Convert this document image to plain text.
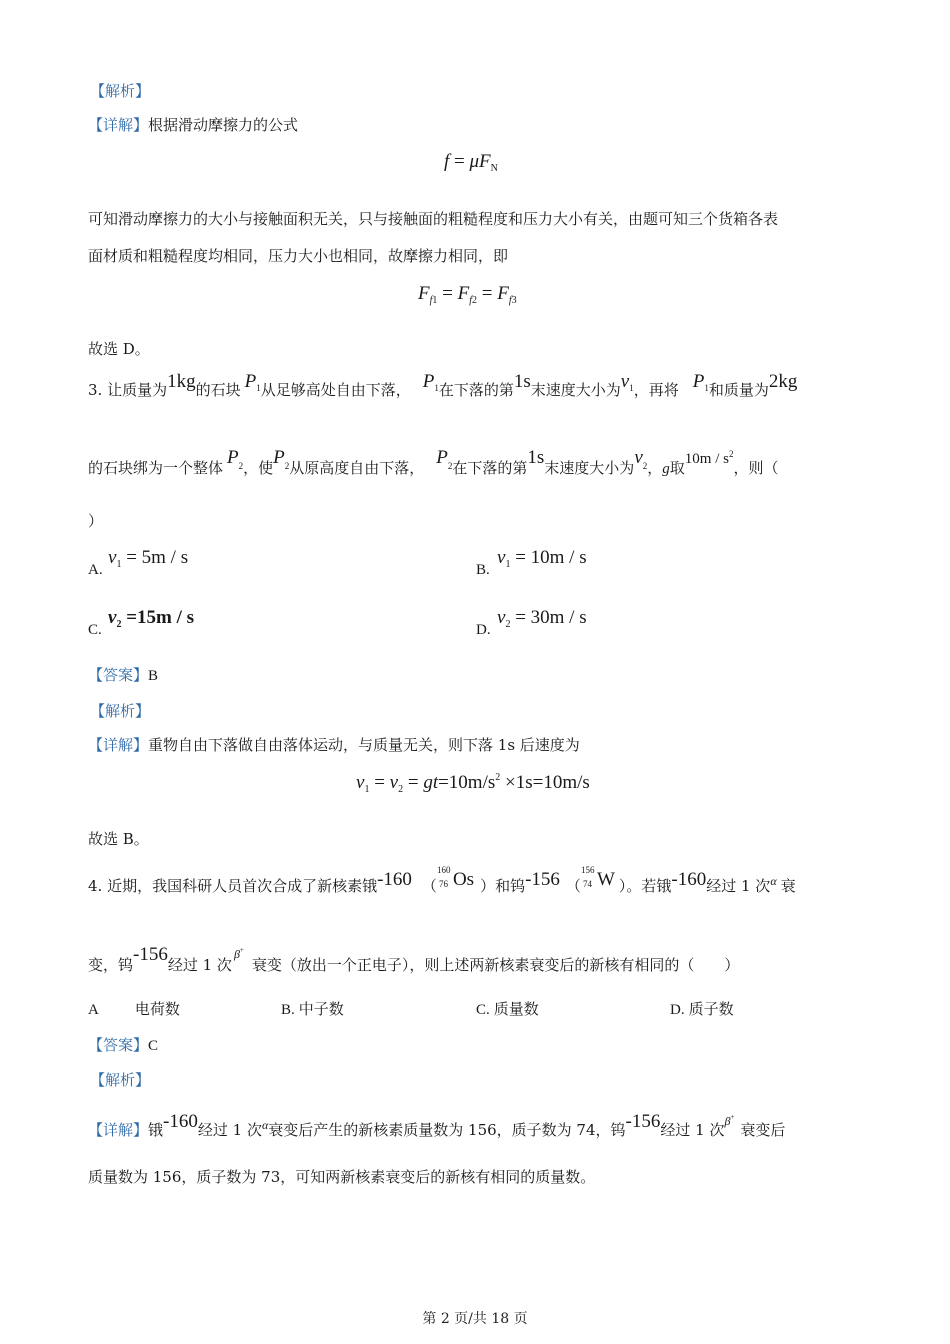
【解析】
【详解】根据滑动摩擦力的公式
$f = \mu F_N$
可知滑动摩擦力的大小与接触面积无关，只与接触面的粗糙程度和压力大小有关，由题可知三个货箱各表
面材质和粗糙程度均相同，压力大小也相同，故摩擦力相同，即
$F_{f1} = F_{f2} = F_{f3}$
故选 D。
3. 让质量为1kg的石块 $P^1$从足够高处自由下落， $P^1$在下落的第1s末速度大小为$v^1$，再将 $P^1$和质量为2kg
的石块绑为一个整体 $P^2$，使$P^2$从原高度自由下落， $P^2$在下落的第1s末速度大小为$v^2$，g取$10m / s^2$，则（
）
A.
$v_1 = 5m / s$
B.
$v_1 = 10m / s$
C.
$v_2 =15m / s$
D.
$v_2 = 30m / s$
【答案】B
【解析】
【详解】重物自由下落做自由落体运动，与质量无关，则下落 1s 后速度为
$v_1 = v_2 = gt=10m/s^2 \times 1s=10m/s$
故选 B。
4. 近期，我国科研人员首次合成了新核素锇-160 （
160
76 Os ）和钨-156 （
156
74 W ）。若锇-160经过 1 次$^\alpha$ 衰
变，钨-156经过 1 次$^{\beta+}$衰变（放出一个正电子），则上述两新核素衰变后的新核有相同的（　　）
A 电荷数	B. 中子数	C. 质量数	D. 质子数
【答案】C
【解析】
【详解】锇-160经过 1 次$^\alpha$衰变后产生的新核素质量数为 156，质子数为 74，钨-156经过 1 次$^{\beta+}$衰变后
质量数为 156，质子数为 73，可知两新核素衰变后的新核有相同的质量数。
第 2 页/共 18 页
